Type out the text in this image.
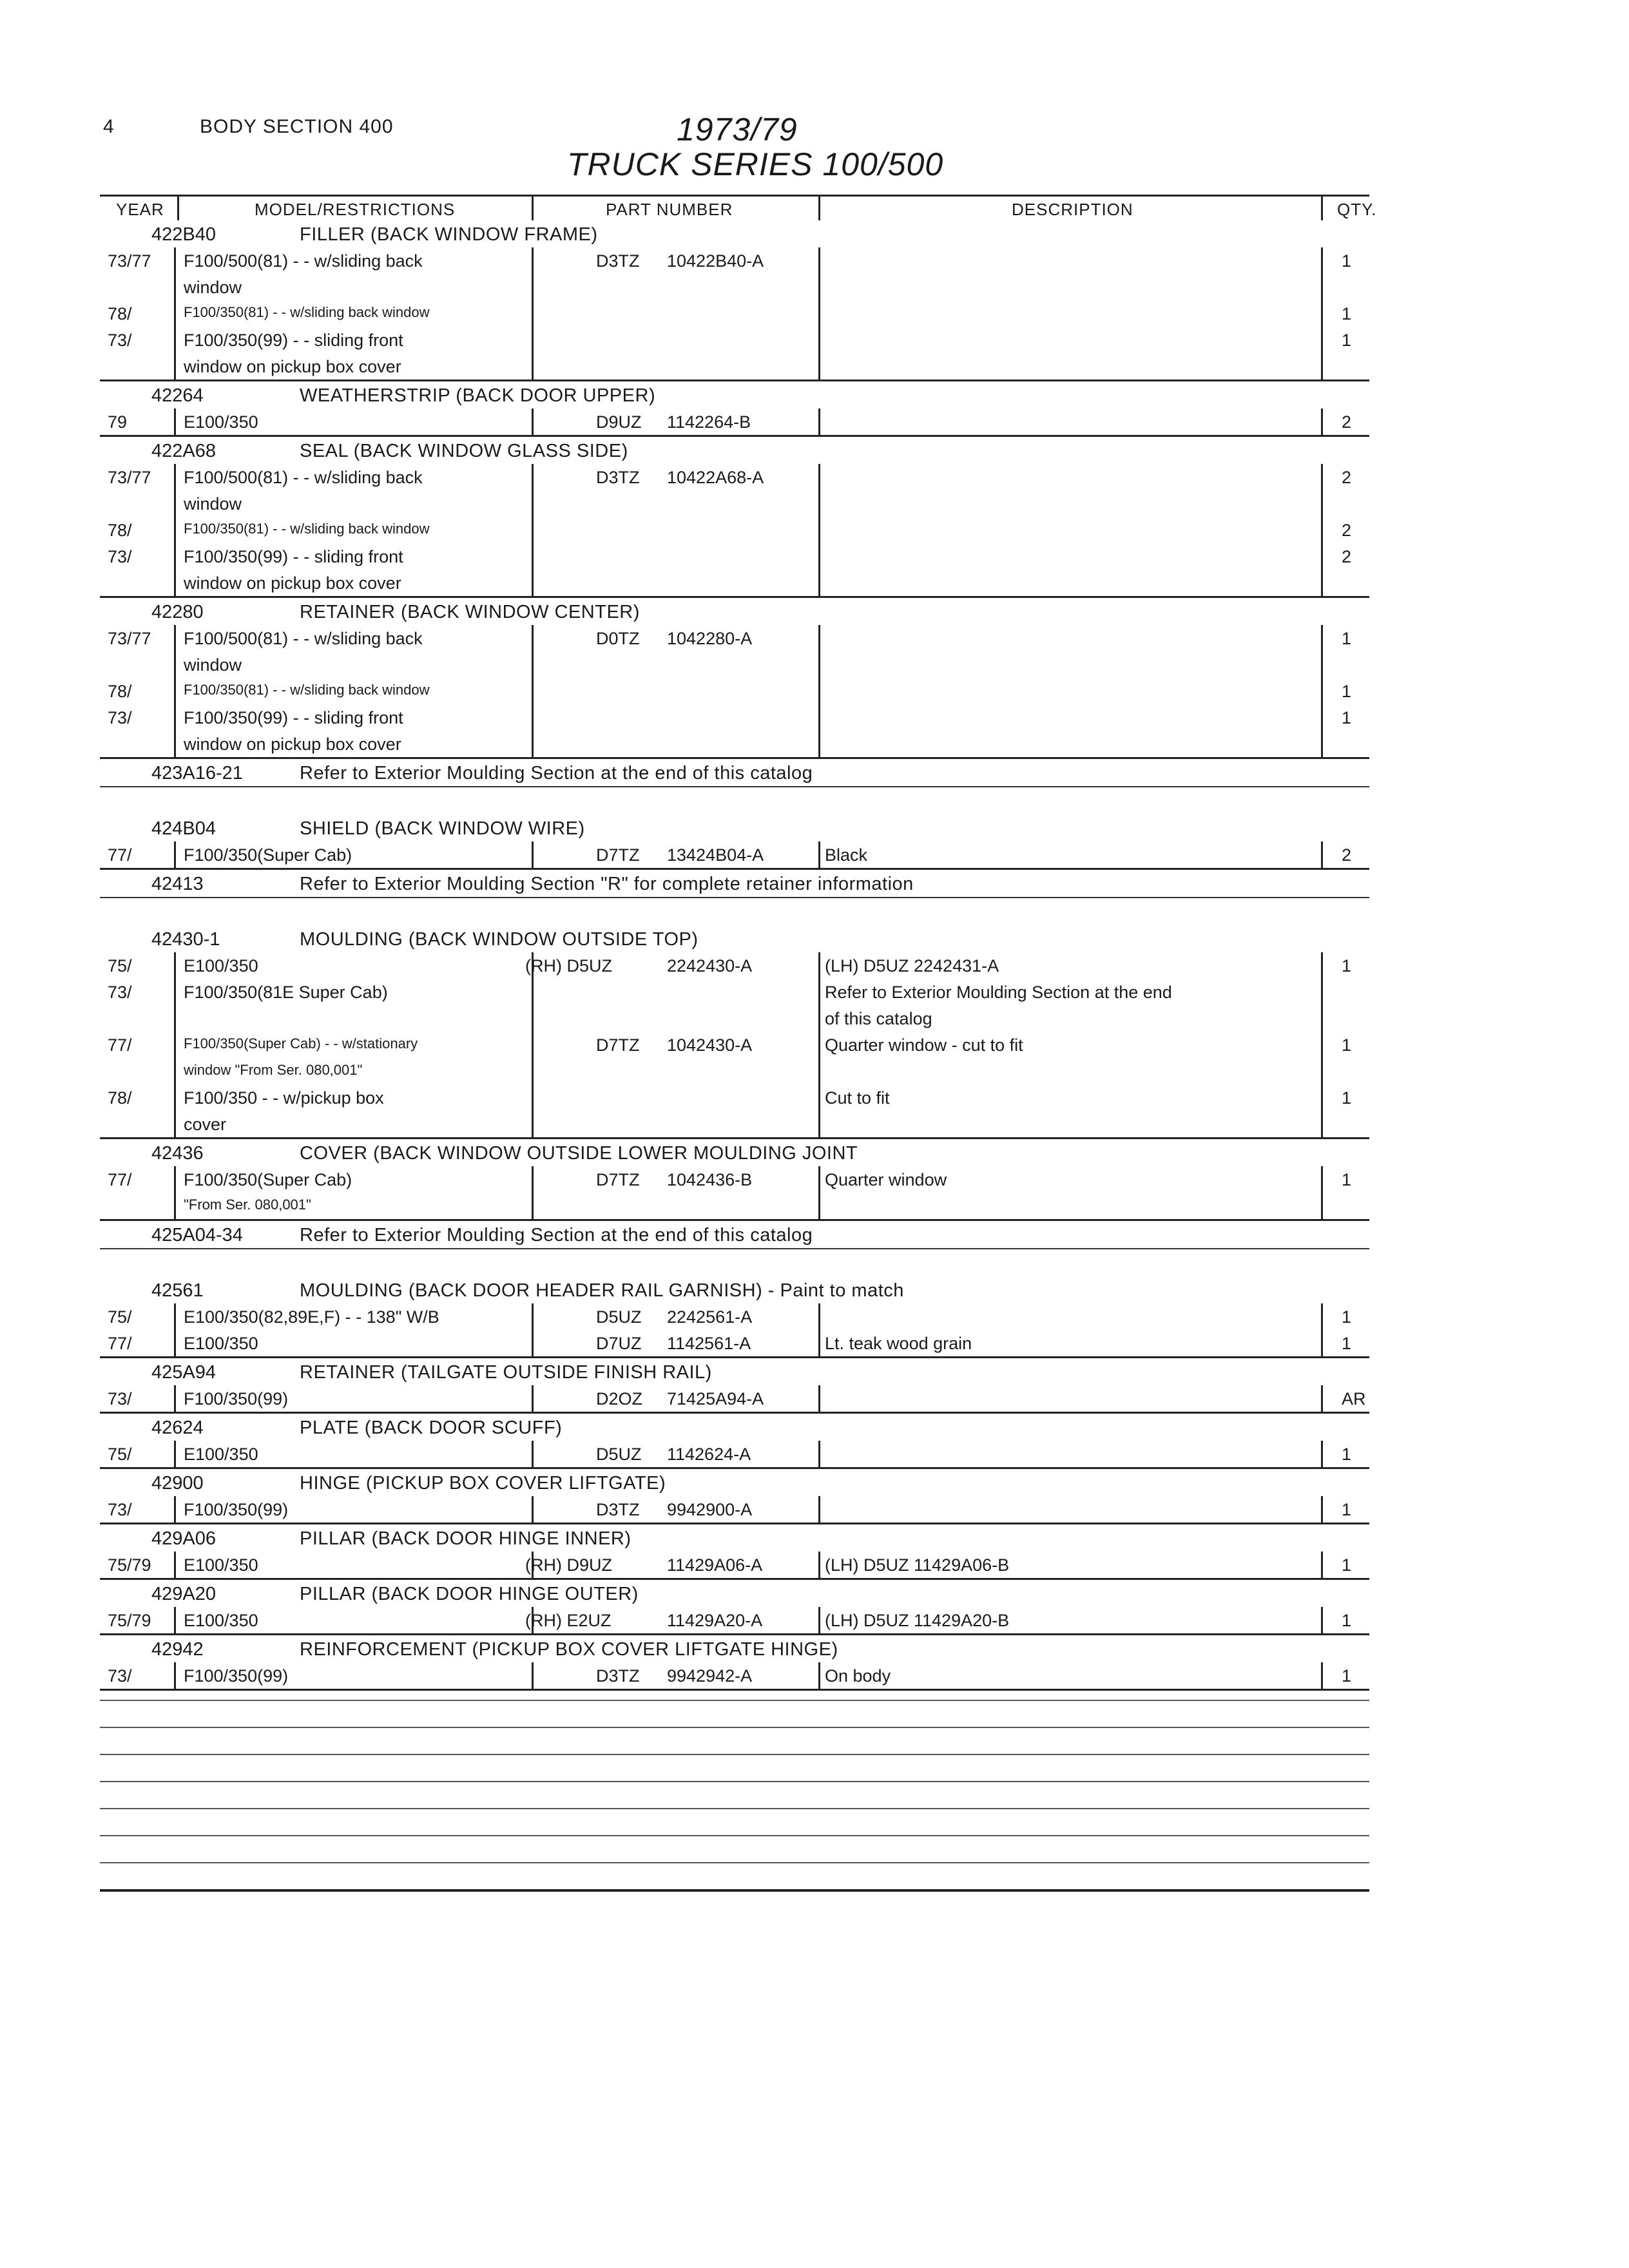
4	BODY SECTION 400	1973/79
TRUCK SERIES 100/500
YEAR	MODEL/RESTRICTIONS	PART NUMBER	DESCRIPTION	QTY.
422B40	FILLER (BACK WINDOW FRAME)
73/77 F100/500(81) - - w/sliding back	D3TZ 10422B40-A	1
window
78/	F100/350(81) - - w/sliding back window	1
73/	F100/350(99) - - sliding front	1
window on pickup box cover
42264	WEATHERSTRIP (BACK DOOR UPPER)
79	E100/350	D9UZ 1142264-B	2
422A68	SEAL (BACK WINDOW GLASS SIDE)
73/77 F100/500(81) - - w/sliding back	D3TZ 10422A68-A	2
window
78/	F100/350(81) - - w/sliding back window	2
73/	F100/350(99) - - sliding front	2
window on pickup box cover
42280	RETAINER (BACK WINDOW CENTER)
73/77 F100/500(81) - - w/sliding back	D0TZ 1042280-A	1
window
78/	F100/350(81) - - w/sliding back window	1
73/	F100/350(99) - - sliding front	1
window on pickup box cover
423A16-21	Refer to Exterior Moulding Section at the end of this catalog
424B04	SHIELD (BACK WINDOW WIRE)
77/	F100/350(Super Cab)	D7TZ 13424B04-A	Black	2
42413	Refer to Exterior Moulding Section "R" for complete retainer information
42430-1	MOULDING (BACK WINDOW OUTSIDE TOP)
75/	E100/350	(RH) D5UZ	2242430-A	(LH) D5UZ 2242431-A	1
73/	F100/350(81E Super Cab)	Refer to Exterior Moulding Section at the end
of this catalog
77/	F100/350(Super Cab) - - w/stationary	D7TZ 1042430-A	Quarter window - cut to fit	1
window "From Ser. 080,001"
78/	F100/350 - - w/pickup box	Cut to fit	1
cover
42436	COVER (BACK WINDOW OUTSIDE LOWER MOULDING JOINT
77/	F100/350(Super Cab)	D7TZ 1042436-B	Quarter window	1
"From Ser. 080,001"
425A04-34	Refer to Exterior Moulding Section at the end of this catalog
42561	MOULDING (BACK DOOR HEADER RAIL GARNISH) - Paint to match
75/	E100/350(82,89E,F) - - 138" W/B	D5UZ 2242561-A	1
77/	E100/350	D7UZ 1142561-A	Lt. teak wood grain	1
425A94	RETAINER (TAILGATE OUTSIDE FINISH RAIL)
73/	F100/350(99)	D2OZ 71425A94-A	AR
42624	PLATE (BACK DOOR SCUFF)
75/	E100/350	D5UZ 1142624-A	1
42900	HINGE (PICKUP BOX COVER LIFTGATE)
73/	F100/350(99)	D3TZ 9942900-A	1
429A06	PILLAR (BACK DOOR HINGE INNER)
75/79 E100/350	(RH) D9UZ	11429A06-A	(LH) D5UZ 11429A06-B	1
429A20	PILLAR (BACK DOOR HINGE OUTER)
75/79 E100/350	(RH) E2UZ	11429A20-A	(LH) D5UZ 11429A20-B	1
42942	REINFORCEMENT (PICKUP BOX COVER LIFTGATE HINGE)
73/	F100/350(99)	D3TZ 9942942-A	On body	1
